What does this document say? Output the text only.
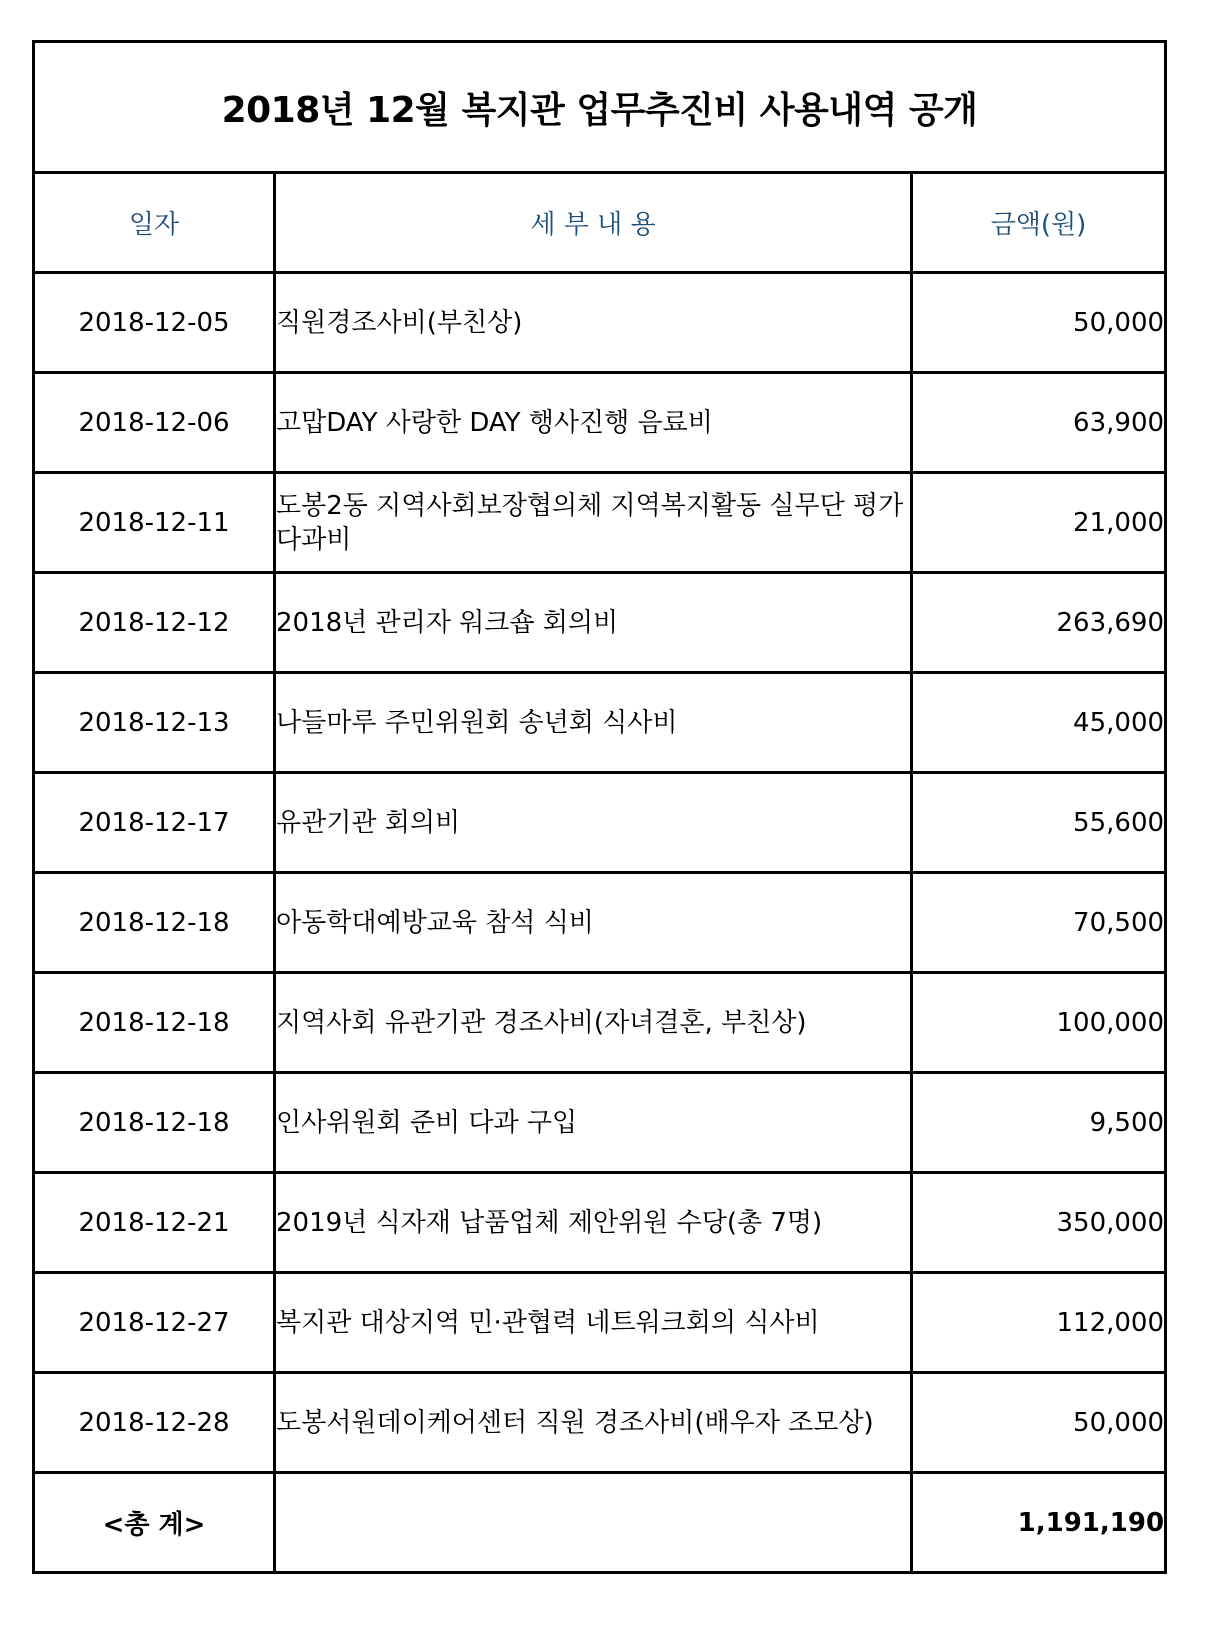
2018년 12월 복지관 업무추진비 사용내역 공개		
일자	세 부 내 용	금액(원)
2018-12-05	직원경조사비(부친상)	50,000
2018-12-06	고맙DAY 사랑한 DAY 행사진행 음료비	63,900
2018-12-11	도봉2동 지역사회보장협의체 지역복지활동 실무단 평가 다과비	21,000
2018-12-12	2018년 관리자 워크숍 회의비	263,690
2018-12-13	나들마루 주민위원회 송년회 식사비	45,000
2018-12-17	유관기관 회의비	55,600
2018-12-18	아동학대예방교육 참석 식비	70,500
2018-12-18	지역사회 유관기관 경조사비(자녀결혼, 부친상)	100,000
2018-12-18	인사위원회 준비 다과 구입	9,500
2018-12-21	2019년 식자재 납품업체 제안위원 수당(총 7명)	350,000
2018-12-27	복지관 대상지역 민·관협력 네트워크회의 식사비	112,000
2018-12-28	도봉서원데이케어센터 직원 경조사비(배우자 조모상)	50,000
<총 계>		1,191,190
